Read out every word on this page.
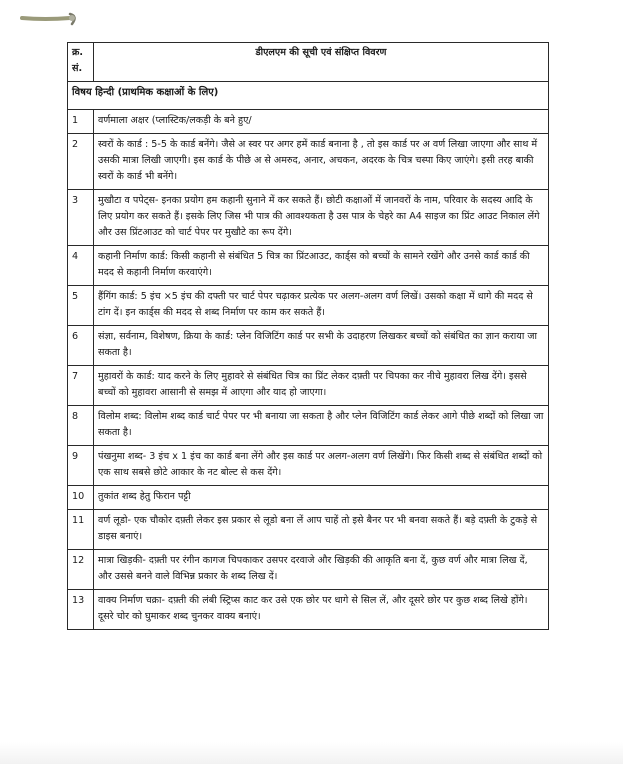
क्र.सं.	डीएलएम की सूची एवं संक्षिप्त विवरण
विषय हिन्दी (प्राथमिक कक्षाओं के लिए)	
1	वर्णमाला अक्षर (प्लास्टिक/लकड़ी के बने हुए/
2	स्वरों के कार्ड : 5-5 के कार्ड बनेंगे। जैसे अ स्वर पर अगर हमें कार्ड बनाना है , तो इस कार्ड पर अ वर्ण लिखा जाएगा और साथ में उसकी मात्रा लिखी जाएगी। इस कार्ड के पीछे अ से अमरुद, अनार, अचकन, अदरक के चित्र चस्पा किए जाएंगे। इसी तरह बाकी स्वरों के कार्ड भी बनेंगे।
3	मुखौटा व पपेट्स- इनका प्रयोग हम कहानी सुनाने में कर सकते हैं। छोटी कक्षाओं में जानवरों के नाम, परिवार के सदस्य आदि के लिए प्रयोग कर सकते हैं। इसके लिए जिस भी पात्र की आवश्यकता है उस पात्र के चेहरे का A4 साइज का प्रिंट आउट निकाल लेंगे और उस प्रिंटआउट को चार्ट पेपर पर मुखौटे का रूप देंगे।
4	कहानी निर्माण कार्ड: किसी कहानी से संबंधित 5 चित्र का प्रिंटआउट, कार्ड्स को बच्चों के सामने रखेंगे और उनसे कार्ड कार्ड की मदद से कहानी निर्माण करवाएंगे।
5	हैंगिंग कार्ड: 5 इंच ×5 इंच की दफ्ती पर चार्ट पेपर चढ़ाकर प्रत्येक पर अलग-अलग वर्ण लिखें। उसको कक्षा में धागे की मदद से टांग दें। इन कार्ड्स की मदद से शब्द निर्माण पर काम कर सकते हैं।
6	संज्ञा, सर्वनाम, विशेषण, क्रिया के कार्ड: प्लेन विजिटिंग कार्ड पर सभी के उदाहरण लिखकर बच्चों को संबंधित का ज्ञान कराया जा सकता है।
7	मुहावरों के कार्ड: याद करने के लिए मुहावरे से संबंधित चित्र का प्रिंट लेकर दफ़्ती पर चिपका कर नीचे मुहावरा लिख देंगे। इससे बच्चों को मुहावरा आसानी से समझ में आएगा और याद हो जाएगा।
8	विलोम शब्द: विलोम शब्द कार्ड चार्ट पेपर पर भी बनाया जा सकता है और प्लेन विजिटिंग कार्ड लेकर आगे पीछे शब्दों को लिखा जा सकता है।
9	पंखनुमा शब्द- 3 इंच x 1 इंच का कार्ड बना लेंगे और इस कार्ड पर अलग-अलग वर्ण लिखेंगे। फिर किसी शब्द से संबंधित शब्दों को एक साथ सबसे छोटे आकार के नट बोल्ट से कस देंगे।
10	तुकांत शब्द हेतु फिरान पट्टी
11	वर्ण लूडो- एक चौकोर दफ़्ती लेकर इस प्रकार से लूडो बना लें आप चाहें तो इसे बैनर पर भी बनवा सकते हैं। बड़े दफ़्ती के टुकड़े से डाइस बनाएं।
12	मात्रा खिड़की- दफ़्ती पर रंगीन कागज चिपकाकर उसपर दरवाजे और खिड़की की आकृति बना दें, कुछ वर्ण और मात्रा लिख दें, और उससे बनने वाले विभिन्न प्रकार के शब्द लिख दें।
13	वाक्य निर्माण चक्रा- दफ़्ती की लंबी स्ट्रिप्स काट कर उसे एक छोर पर धागे से सिल लें, और दूसरे छोर पर कुछ शब्द लिखे होंगे। दूसरे चोर को घुमाकर शब्द चुनकर वाक्य बनाएं।
